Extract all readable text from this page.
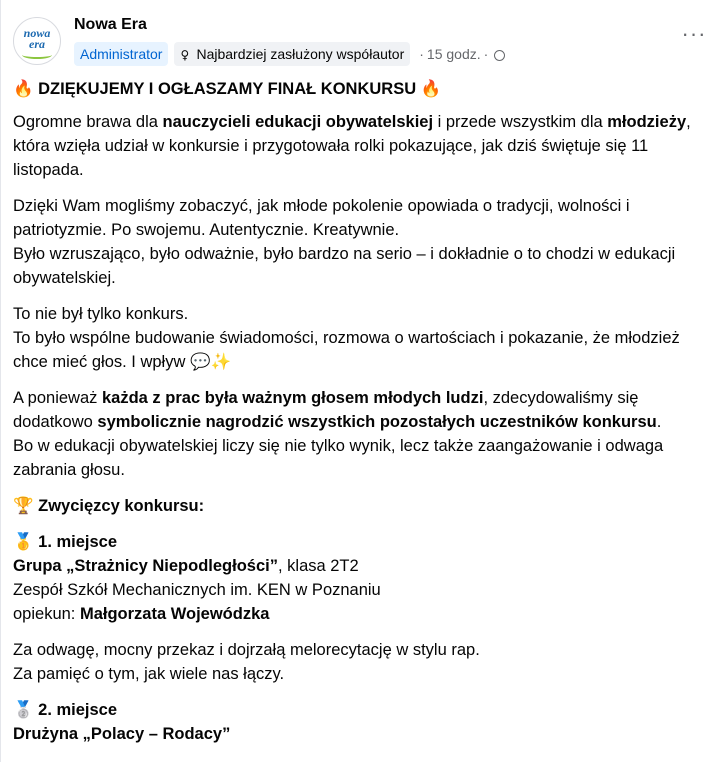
nowa
era
Nowa Era
Administrator	♀ Najbardziej zasłużony współautor	· 15 godz. ·
···

🔥 DZIĘKUJEMY I OGŁASZAMY FINAŁ KONKURSU 🔥

Ogromne brawa dla nauczycieli edukacji obywatelskiej i przede wszystkim dla młodzieży, która wzięła udział w konkursie i przygotowała rolki pokazujące, jak dziś świętuje się 11 listopada.

Dzięki Wam mogliśmy zobaczyć, jak młode pokolenie opowiada o tradycji, wolności i patriotyzmie. Po swojemu. Autentycznie. Kreatywnie.
Było wzruszająco, było odważnie, było bardzo na serio – i dokładnie o to chodzi w edukacji obywatelskiej.

To nie był tylko konkurs.
To było wspólne budowanie świadomości, rozmowa o wartościach i pokazanie, że młodzież chce mieć głos. I wpływ 💬✨

A ponieważ każda z prac była ważnym głosem młodych ludzi, zdecydowaliśmy się dodatkowo symbolicznie nagrodzić wszystkich pozostałych uczestników konkursu.
Bo w edukacji obywatelskiej liczy się nie tylko wynik, lecz także zaangażowanie i odwaga zabrania głosu.

🏆 Zwycięzcy konkursu:

🥇 1. miejsce
Grupa „Strażnicy Niepodległości”, klasa 2T2
Zespół Szkół Mechanicznych im. KEN w Poznaniu
opiekun: Małgorzata Wojewódzka

Za odwagę, mocny przekaz i dojrzałą melorecytację w stylu rap.
Za pamięć o tym, jak wiele nas łączy.

🥈 2. miejsce
Drużyna „Polacy – Rodacy”
